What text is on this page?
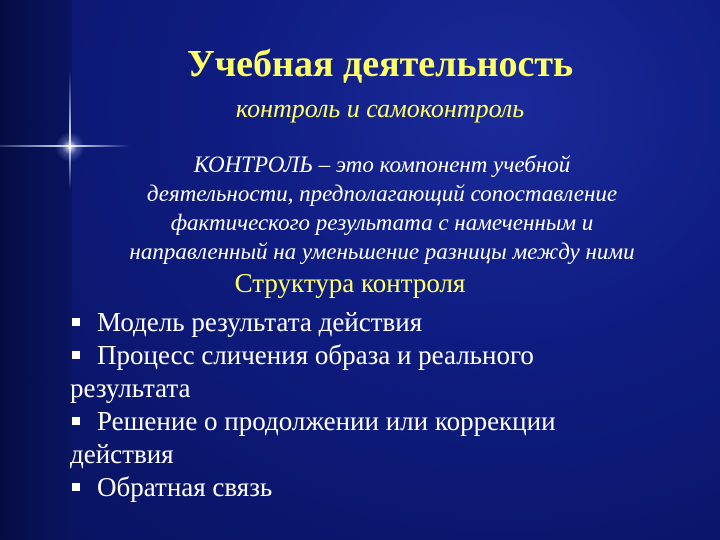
Учебная деятельность
контроль и самоконтроль
КОНТРОЛЬ – это компонент учебной
деятельности, предполагающий сопоставление
фактического результата с намеченным и
направленный на уменьшение разницы между ними
Структура контроля
Модель результата действия
Процесс сличения образа и реального
результата
Решение о продолжении или коррекции
действия
Обратная связь
